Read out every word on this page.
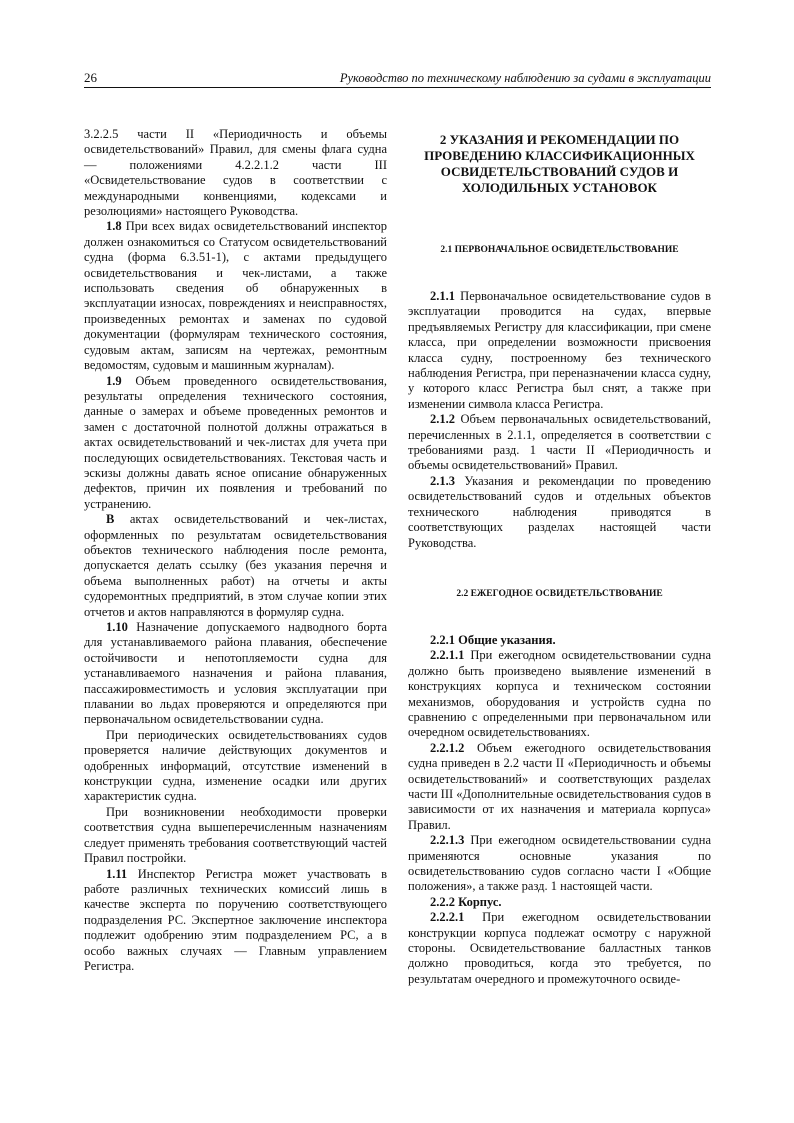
26	Руководство по техническому наблюдению за судами в эксплуатации

3.2.2.5 части II «Периодичность и объемы освидетельствований» Правил, для смены флага судна — положениями 4.2.2.1.2 части III «Освидетельствование судов в соответствии с международными конвенциями, кодексами и резолюциями» настоящего Руководства.

1.8 При всех видах освидетельствований инспектор должен ознакомиться со Статусом освидетельствований судна (форма 6.3.51-1), с актами предыдущего освидетельствования и чек-листами, а также использовать сведения об обнаруженных в эксплуатации износах, повреждениях и неисправностях, произведенных ремонтах и заменах по судовой документации (формулярам технического состояния, судовым актам, записям на чертежах, ремонтным ведомостям, судовым и машинным журналам).

1.9 Объем проведенного освидетельствования, результаты определения технического состояния, данные о замерах и объеме проведенных ремонтов и замен с достаточной полнотой должны отражаться в актах освидетельствований и чек-листах для учета при последующих освидетельствованиях. Текстовая часть и эскизы должны давать ясное описание обнаруженных дефектов, причин их появления и требований по устранению.

В актах освидетельствований и чек-листах, оформленных по результатам освидетельствования объектов технического наблюдения после ремонта, допускается делать ссылку (без указания перечня и объема выполненных работ) на отчеты и акты судоремонтных предприятий, в этом случае копии этих отчетов и актов направляются в формуляр судна.

1.10 Назначение допускаемого надводного борта для устанавливаемого района плавания, обеспечение остойчивости и непотопляемости судна для устанавливаемого назначения и района плавания, пассажировместимость и условия эксплуатации при плавании во льдах проверяются и определяются при первоначальном освидетельствовании судна.

При периодических освидетельствованиях судов проверяется наличие действующих документов и одобренных информаций, отсутствие изменений в конструкции судна, изменение осадки или других характеристик судна.

При возникновении необходимости проверки соответствия судна вышеперечисленным назначениям следует применять требования соответствующий частей Правил постройки.

1.11 Инспектор Регистра может участвовать в работе различных технических комиссий лишь в качестве эксперта по поручению соответствующего подразделения РС. Экспертное заключение инспектора подлежит одобрению этим подразделением РС, а в особо важных случаях — Главным управлением Регистра.

2 УКАЗАНИЯ И РЕКОМЕНДАЦИИ ПО ПРОВЕДЕНИЮ КЛАССИФИКАЦИОННЫХ ОСВИДЕТЕЛЬСТВОВАНИЙ СУДОВ И ХОЛОДИЛЬНЫХ УСТАНОВОК
2.1 ПЕРВОНАЧАЛЬНОЕ ОСВИДЕТЕЛЬСТВОВАНИЕ

2.1.1 Первоначальное освидетельствование судов в эксплуатации проводится на судах, впервые предъявляемых Регистру для классификации, при смене класса, при определении возможности присвоения класса судну, построенному без технического наблюдения Регистра, при переназначении класса судну, у которого класс Регистра был снят, а также при изменении символа класса Регистра.

2.1.2 Объем первоначальных освидетельствований, перечисленных в 2.1.1, определяется в соответствии с требованиями разд. 1 части II «Периодичность и объемы освидетельствований» Правил.

2.1.3 Указания и рекомендации по проведению освидетельствований судов и отдельных объектов технического наблюдения приводятся в соответствующих разделах настоящей части Руководства.

2.2 ЕЖЕГОДНОЕ ОСВИДЕТЕЛЬСТВОВАНИЕ

2.2.1 Общие указания.

2.2.1.1 При ежегодном освидетельствовании судна должно быть произведено выявление изменений в конструкциях корпуса и техническом состоянии механизмов, оборудования и устройств судна по сравнению с определенными при первоначальном или очередном освидетельствованиях.

2.2.1.2 Объем ежегодного освидетельствования судна приведен в 2.2 части II «Периодичность и объемы освидетельствований» и соответствующих разделах части III «Дополнительные освидетельствования судов в зависимости от их назначения и материала корпуса» Правил.

2.2.1.3 При ежегодном освидетельствовании судна применяются основные указания по освидетельствованию судов согласно части I «Общие положения», а также разд. 1 настоящей части.

2.2.2 Корпус.

2.2.2.1 При ежегодном освидетельствовании конструкции корпуса подлежат осмотру с наружной стороны. Освидетельствование балластных танков должно проводиться, когда это требуется, по результатам очередного и промежуточного освиде-
